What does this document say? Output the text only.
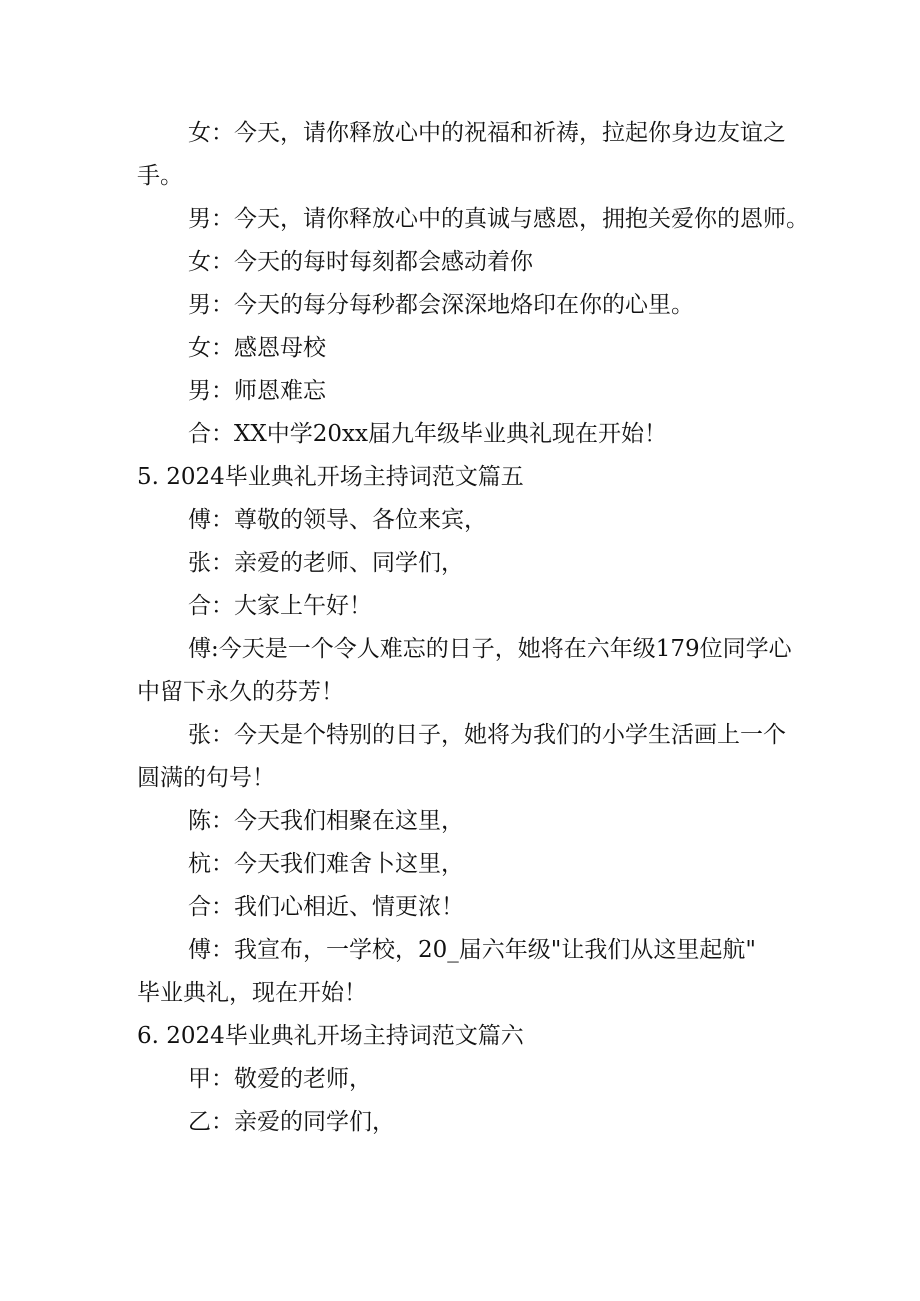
女：今天，请你释放心中的祝福和祈祷，拉起你身边友谊之
手。
男：今天，请你释放心中的真诚与感恩，拥抱关爱你的恩师。
女：今天的每时每刻都会感动着你
男：今天的每分每秒都会深深地烙印在你的心里。
女：感恩母校
男：师恩难忘
合：XX中学20xx届九年级毕业典礼现在开始！
5. 2024毕业典礼开场主持词范文篇五
傅：尊敬的领导、各位来宾，
张：亲爱的老师、同学们，
合：大家上午好！
傅:今天是一个令人难忘的日子，她将在六年级179位同学心
中留下永久的芬芳！
张：今天是个特别的日子，她将为我们的小学生活画上一个
圆满的句号！
陈：今天我们相聚在这里，
杭：今天我们难舍卜这里，
合：我们心相近、情更浓！
傅：我宣布，一学校，20_届六年级"让我们从这里起航"
毕业典礼，现在开始！
6. 2024毕业典礼开场主持词范文篇六
甲：敬爱的老师，
乙：亲爱的同学们，
